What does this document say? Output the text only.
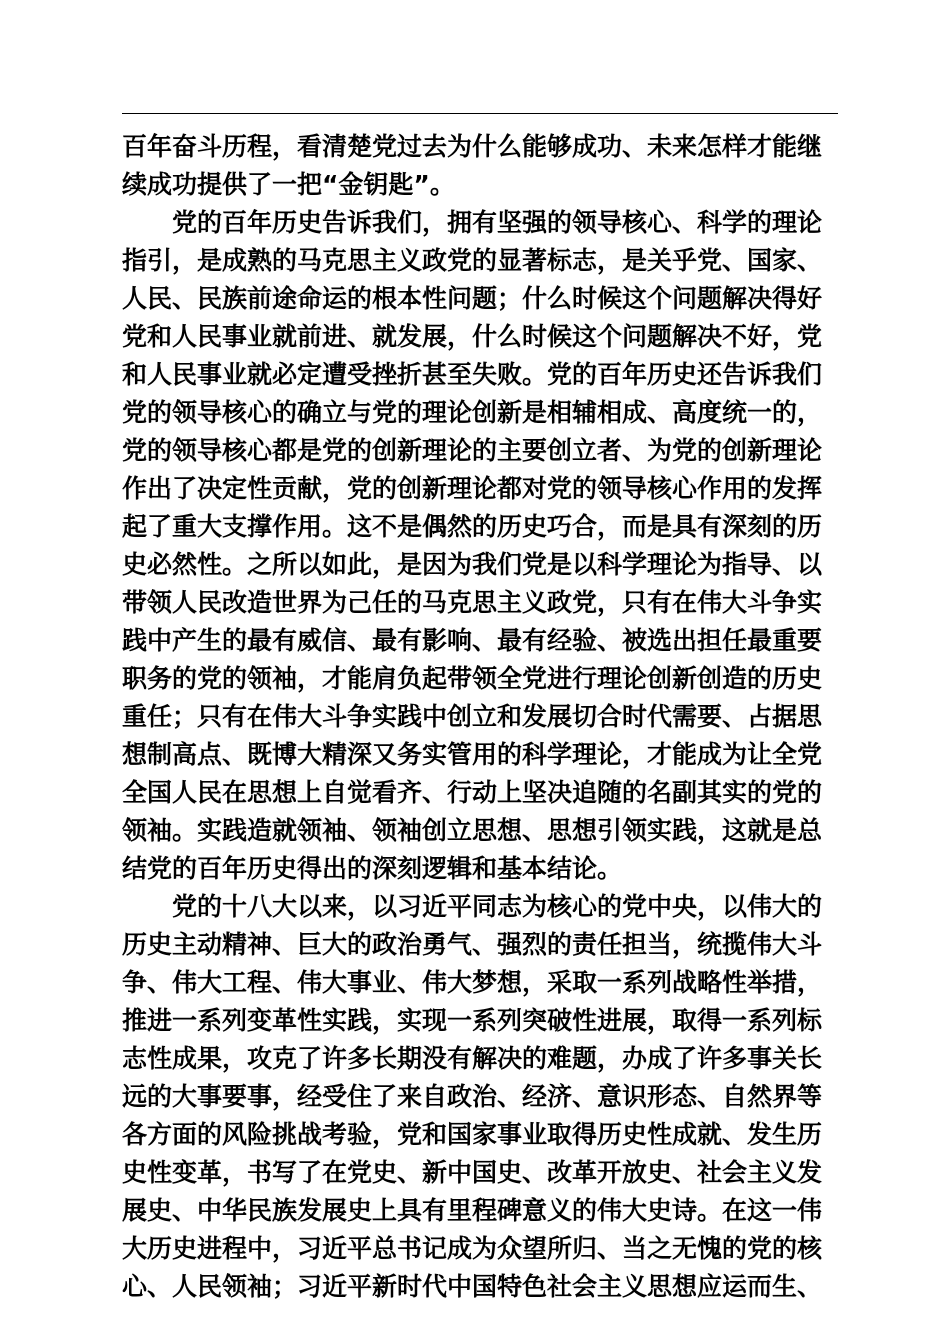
百年奋斗历程，看清楚党过去为什么能够成功、未来怎样才能继
续成功提供了一把“金钥匙”。
　　党的百年历史告诉我们，拥有坚强的领导核心、科学的理论
指引，是成熟的马克思主义政党的显著标志，是关乎党、国家、
人民、民族前途命运的根本性问题；什么时候这个问题解决得好
党和人民事业就前进、就发展，什么时候这个问题解决不好，党
和人民事业就必定遭受挫折甚至失败。党的百年历史还告诉我们
党的领导核心的确立与党的理论创新是相辅相成、高度统一的，
党的领导核心都是党的创新理论的主要创立者、为党的创新理论
作出了决定性贡献，党的创新理论都对党的领导核心作用的发挥
起了重大支撑作用。这不是偶然的历史巧合，而是具有深刻的历
史必然性。之所以如此，是因为我们党是以科学理论为指导、以
带领人民改造世界为己任的马克思主义政党，只有在伟大斗争实
践中产生的最有威信、最有影响、最有经验、被选出担任最重要
职务的党的领袖，才能肩负起带领全党进行理论创新创造的历史
重任；只有在伟大斗争实践中创立和发展切合时代需要、占据思
想制高点、既博大精深又务实管用的科学理论，才能成为让全党
全国人民在思想上自觉看齐、行动上坚决追随的名副其实的党的
领袖。实践造就领袖、领袖创立思想、思想引领实践，这就是总
结党的百年历史得出的深刻逻辑和基本结论。
　　党的十八大以来，以习近平同志为核心的党中央，以伟大的
历史主动精神、巨大的政治勇气、强烈的责任担当，统揽伟大斗
争、伟大工程、伟大事业、伟大梦想，采取一系列战略性举措，
推进一系列变革性实践，实现一系列突破性进展，取得一系列标
志性成果，攻克了许多长期没有解决的难题，办成了许多事关长
远的大事要事，经受住了来自政治、经济、意识形态、自然界等
各方面的风险挑战考验，党和国家事业取得历史性成就、发生历
史性变革，书写了在党史、新中国史、改革开放史、社会主义发
展史、中华民族发展史上具有里程碑意义的伟大史诗。在这一伟
大历史进程中，习近平总书记成为众望所归、当之无愧的党的核
心、人民领袖；习近平新时代中国特色社会主义思想应运而生、
